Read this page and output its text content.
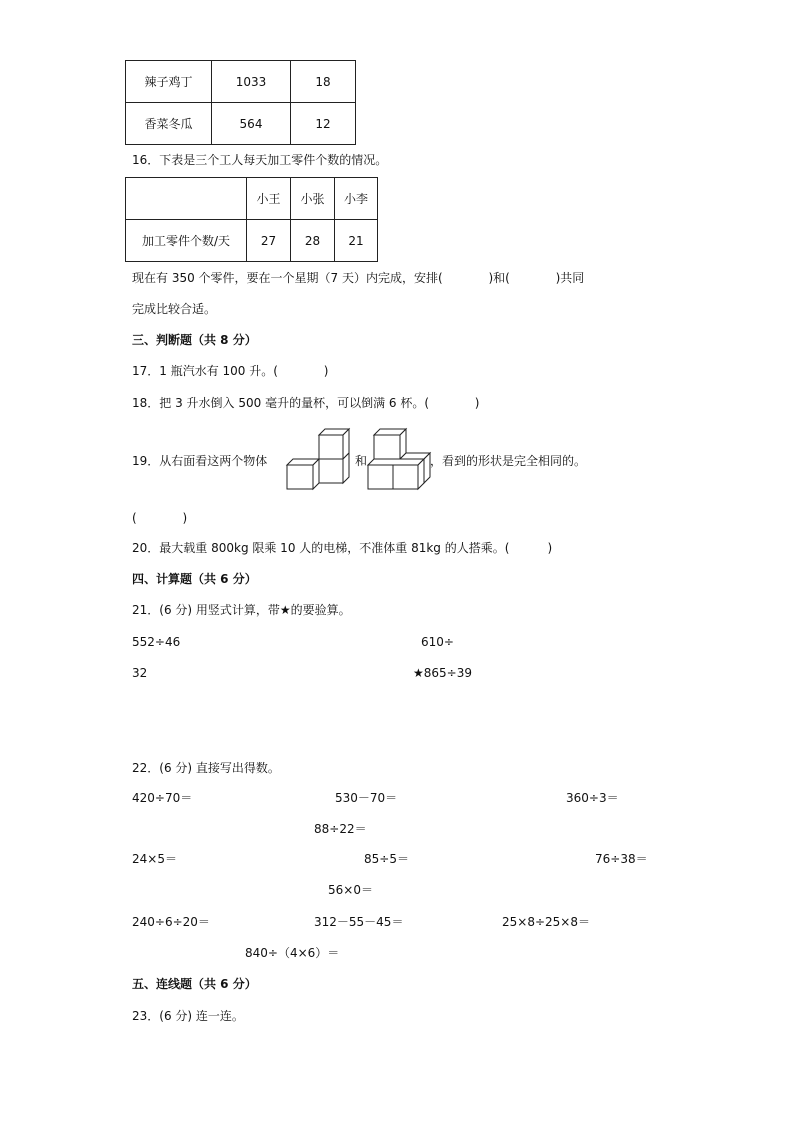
辣子鸡丁	1033	18
香菜冬瓜	564	12
16．下表是三个工人每天加工零件个数的情况。
	小王	小张	小李
加工零件个数/天	27	28	21
现在有 350 个零件，要在一个星期（7 天）内完成，安排(            )和(            )共同
完成比较合适。
三、判断题（共 8 分）
17．1 瓶汽水有 100 升。(            )
18．把 3 升水倒入 500 毫升的量杯，可以倒满 6 杯。(            )
19．从右面看这两个物体	和	，看到的形状是完全相同的。
(            )
20．最大载重 800kg 限乘 10 人的电梯，不准体重 81kg 的人搭乘。(          )
四、计算题（共 6 分）
21．(6 分) 用竖式计算，带★的要验算。
552÷46	610÷
32	★865÷39
22．(6 分) 直接写出得数。
420÷70＝	530－70＝	360÷3＝
88÷22＝
24×5＝	85÷5＝	76÷38＝
56×0＝
240÷6÷20＝	312－55－45＝	25×8÷25×8＝
840÷（4×6）＝
五、连线题（共 6 分）
23．(6 分) 连一连。
